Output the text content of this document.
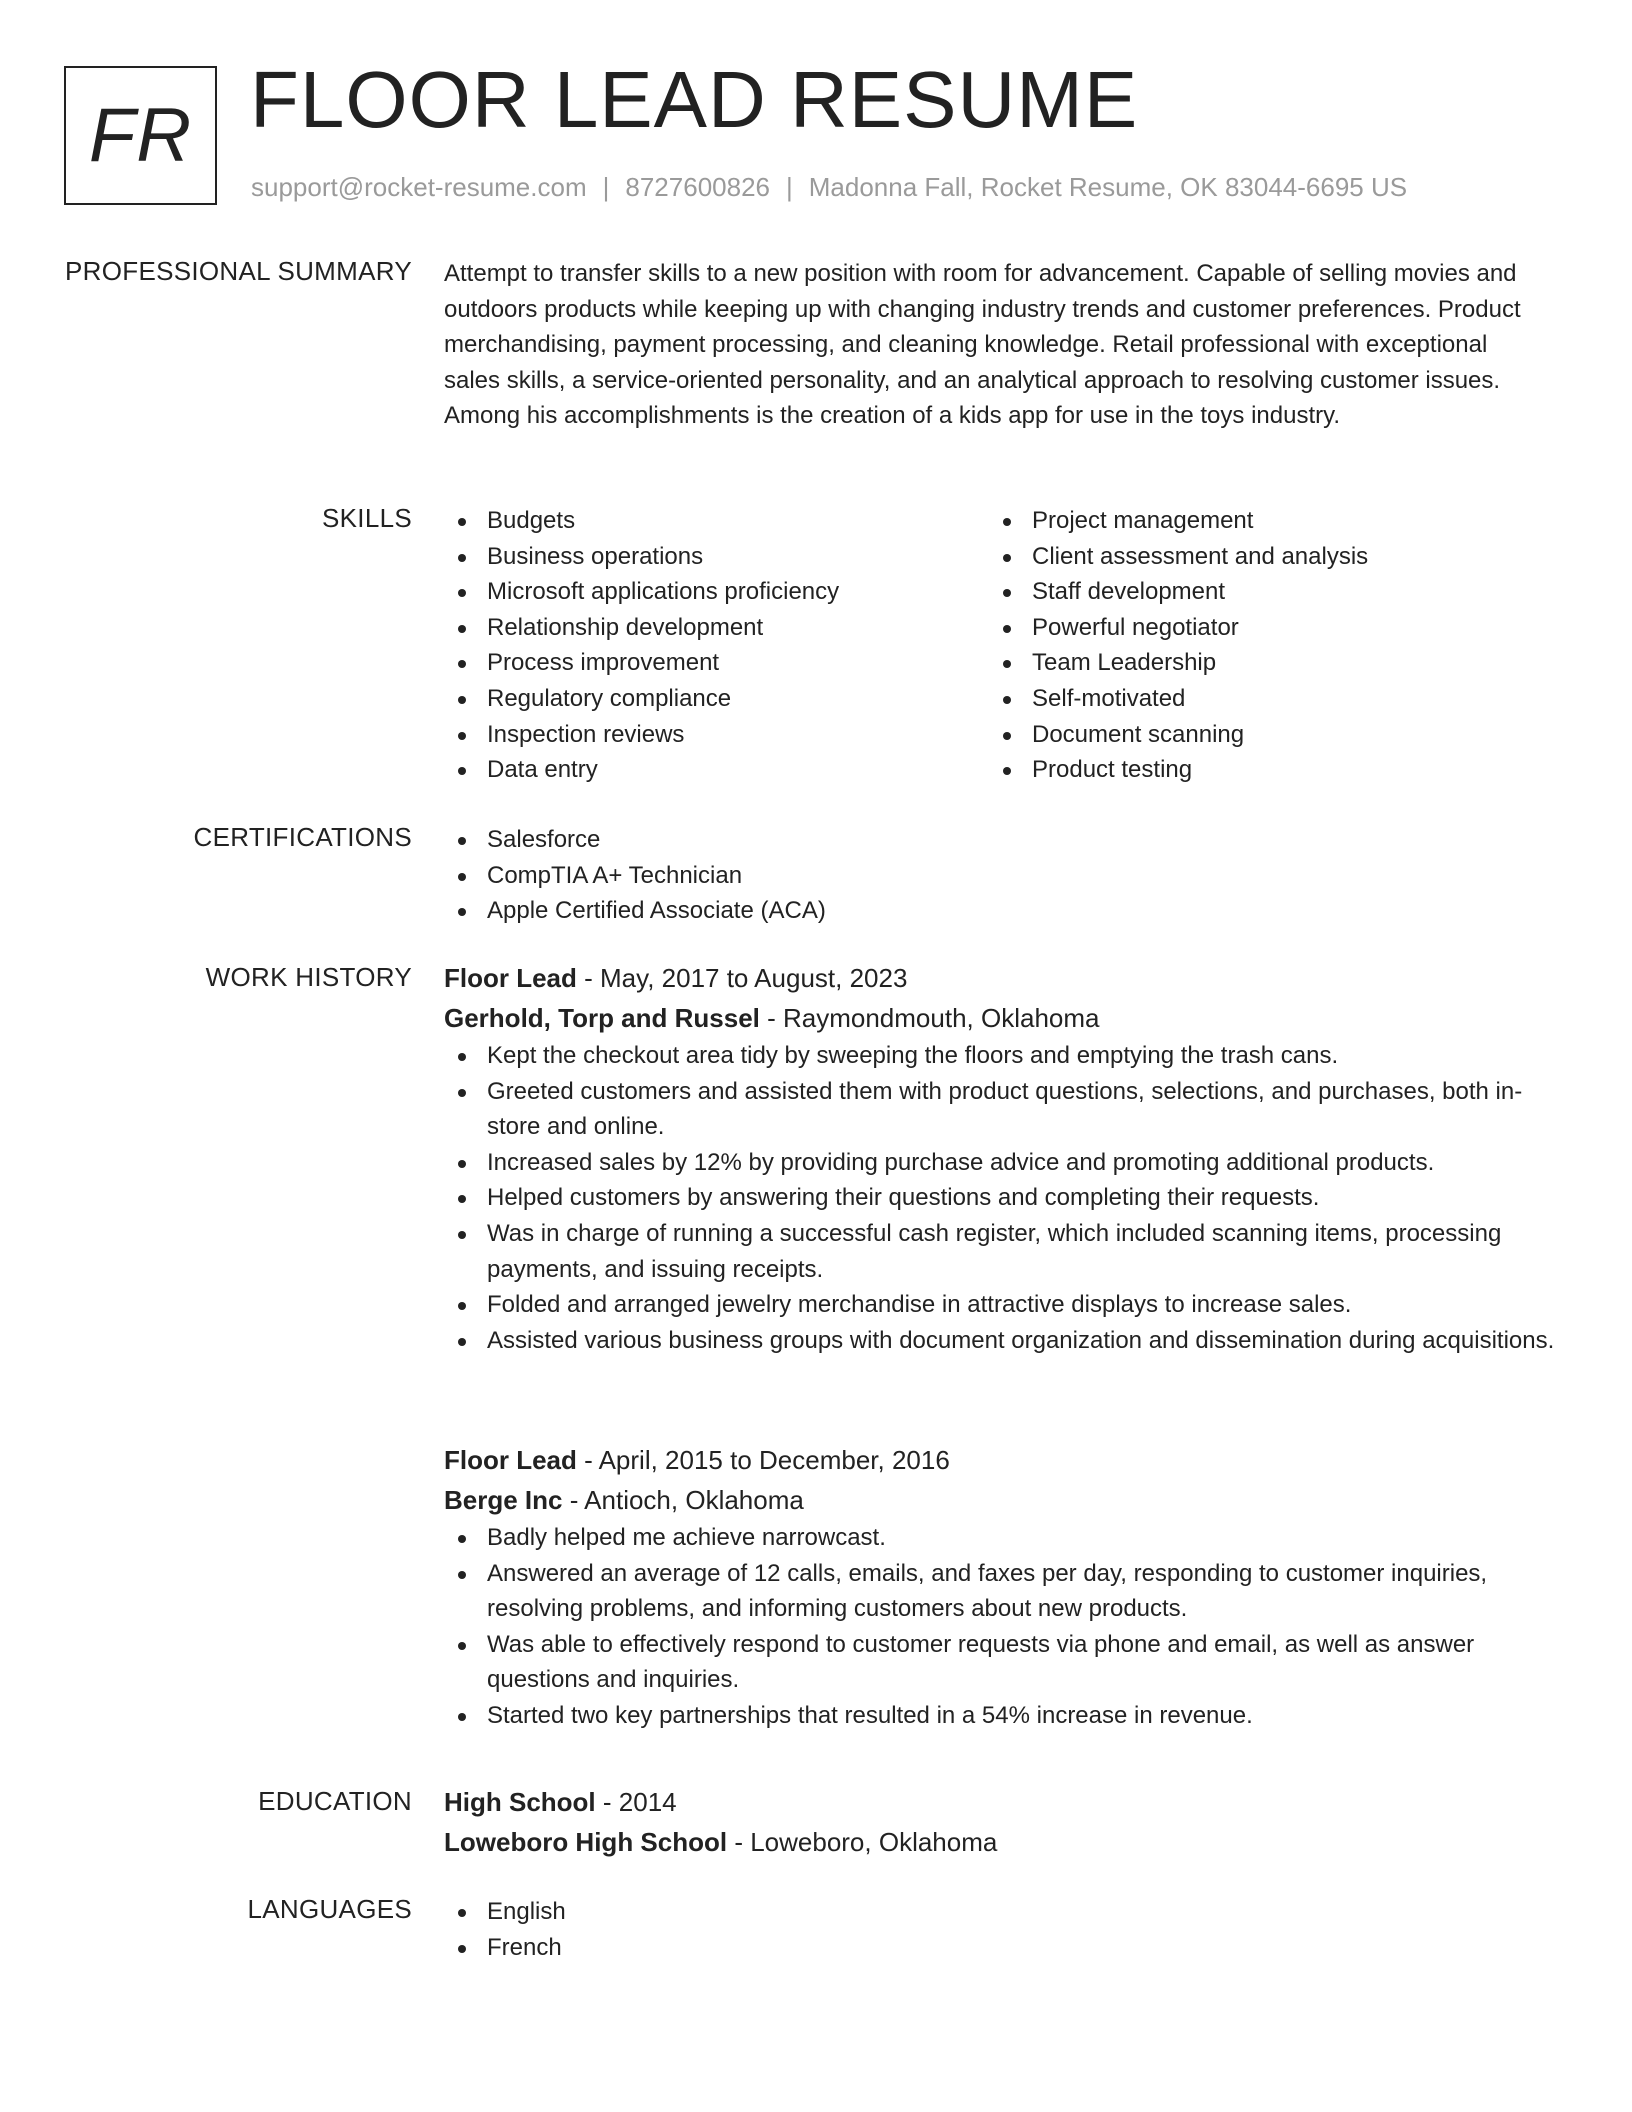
FR FLOOR LEAD RESUME
support@rocket-resume.com | 8727600826 | Madonna Fall, Rocket Resume, OK 83044-6695 US
PROFESSIONAL SUMMARY Attempt to transfer skills to a new position with room for advancement. Capable of selling movies and outdoors products while keeping up with changing industry trends and customer preferences. Product merchandising, payment processing, and cleaning knowledge. Retail professional with exceptional sales skills, a service-oriented personality, and an analytical approach to resolving customer issues. Among his accomplishments is the creation of a kids app for use in the toys industry.
SKILLS	Budgets
Business operations
Microsoft applications proficiency
Relationship development
Process improvement
Regulatory compliance
Inspection reviews
Data entry
Project management
Client assessment and analysis
Staff development
Powerful negotiator
Team Leadership
Self-motivated
Document scanning
Product testing
CERTIFICATIONS	Salesforce
CompTIA A+ Technician
Apple Certified Associate (ACA)
WORK HISTORY Floor Lead - May, 2017 to August, 2023
Gerhold, Torp and Russel - Raymondmouth, Oklahoma
Kept the checkout area tidy by sweeping the floors and emptying the trash cans.
Greeted customers and assisted them with product questions, selections, and purchases, both in-store and online.
Increased sales by 12% by providing purchase advice and promoting additional products.
Helped customers by answering their questions and completing their requests.
Was in charge of running a successful cash register, which included scanning items, processing payments, and issuing receipts.
Folded and arranged jewelry merchandise in attractive displays to increase sales.
Assisted various business groups with document organization and dissemination during acquisitions.
Floor Lead - April, 2015 to December, 2016
Berge Inc - Antioch, Oklahoma
Badly helped me achieve narrowcast.
Answered an average of 12 calls, emails, and faxes per day, responding to customer inquiries, resolving problems, and informing customers about new products.
Was able to effectively respond to customer requests via phone and email, as well as answer questions and inquiries.
Started two key partnerships that resulted in a 54% increase in revenue.
EDUCATION High School - 2014
Loweboro High School - Loweboro, Oklahoma
LANGUAGES	English
French
